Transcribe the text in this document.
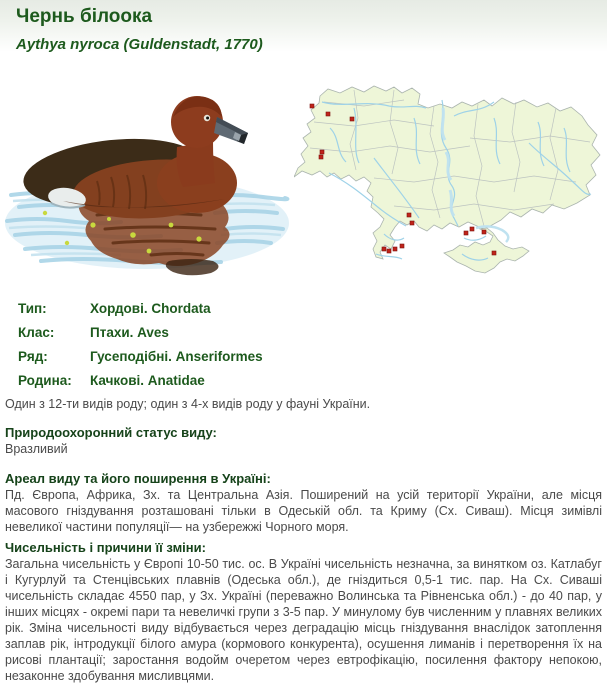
Чернь білоока
Aythya nyroca (Guldenstadt, 1770)
Тип:	Хордові. Chordata
Клас:	Птахи. Aves
Ряд:	Гусеподібні. Anseriformes
Родина: Качкові. Anatidae
Один з 12-ти видів роду; один з 4-х видів роду у фауні України.
Природоохоронний статус виду:
Вразливий
Ареал виду та його поширення в Україні:
Пд. Європа, Африка, Зх. та Центральна Азія. Поширений на усій території України, але місця масового гніздування розташовані тільки в Одеській обл. та Криму (Сх. Сиваш). Місця зимівлі невеликої частини популяції— на узбережжі Чорного моря.
Чисельність і причини її зміни:
Загальна чисельність у Європі 10-50 тис. ос. В Україні чисельність незначна, за винятком оз. Катлабуг і Кугурлуй та Стенцівських плавнів (Одеська обл.), де гніздиться 0,5-1 тис. пар. На Сх. Сиваші чисельність складає 4550 пар, у Зх. Україні (переважно Волинська та Рівненська обл.) - до 40 пар, у інших місцях - окремі пари та невеличкі групи з 3-5 пар. У минулому був численним у плавнях великих рік. Зміна чисельності виду відбувається через деградацію місць гніздування внаслідок затоплення заплав рік, інтродукції білого амура (кормового конкурента), осушення лиманів і перетворення їх на рисові плантації; заростання водойм очеретом через евтрофікацію, посилення фактору непокою, незаконне здобування мисливцями.
